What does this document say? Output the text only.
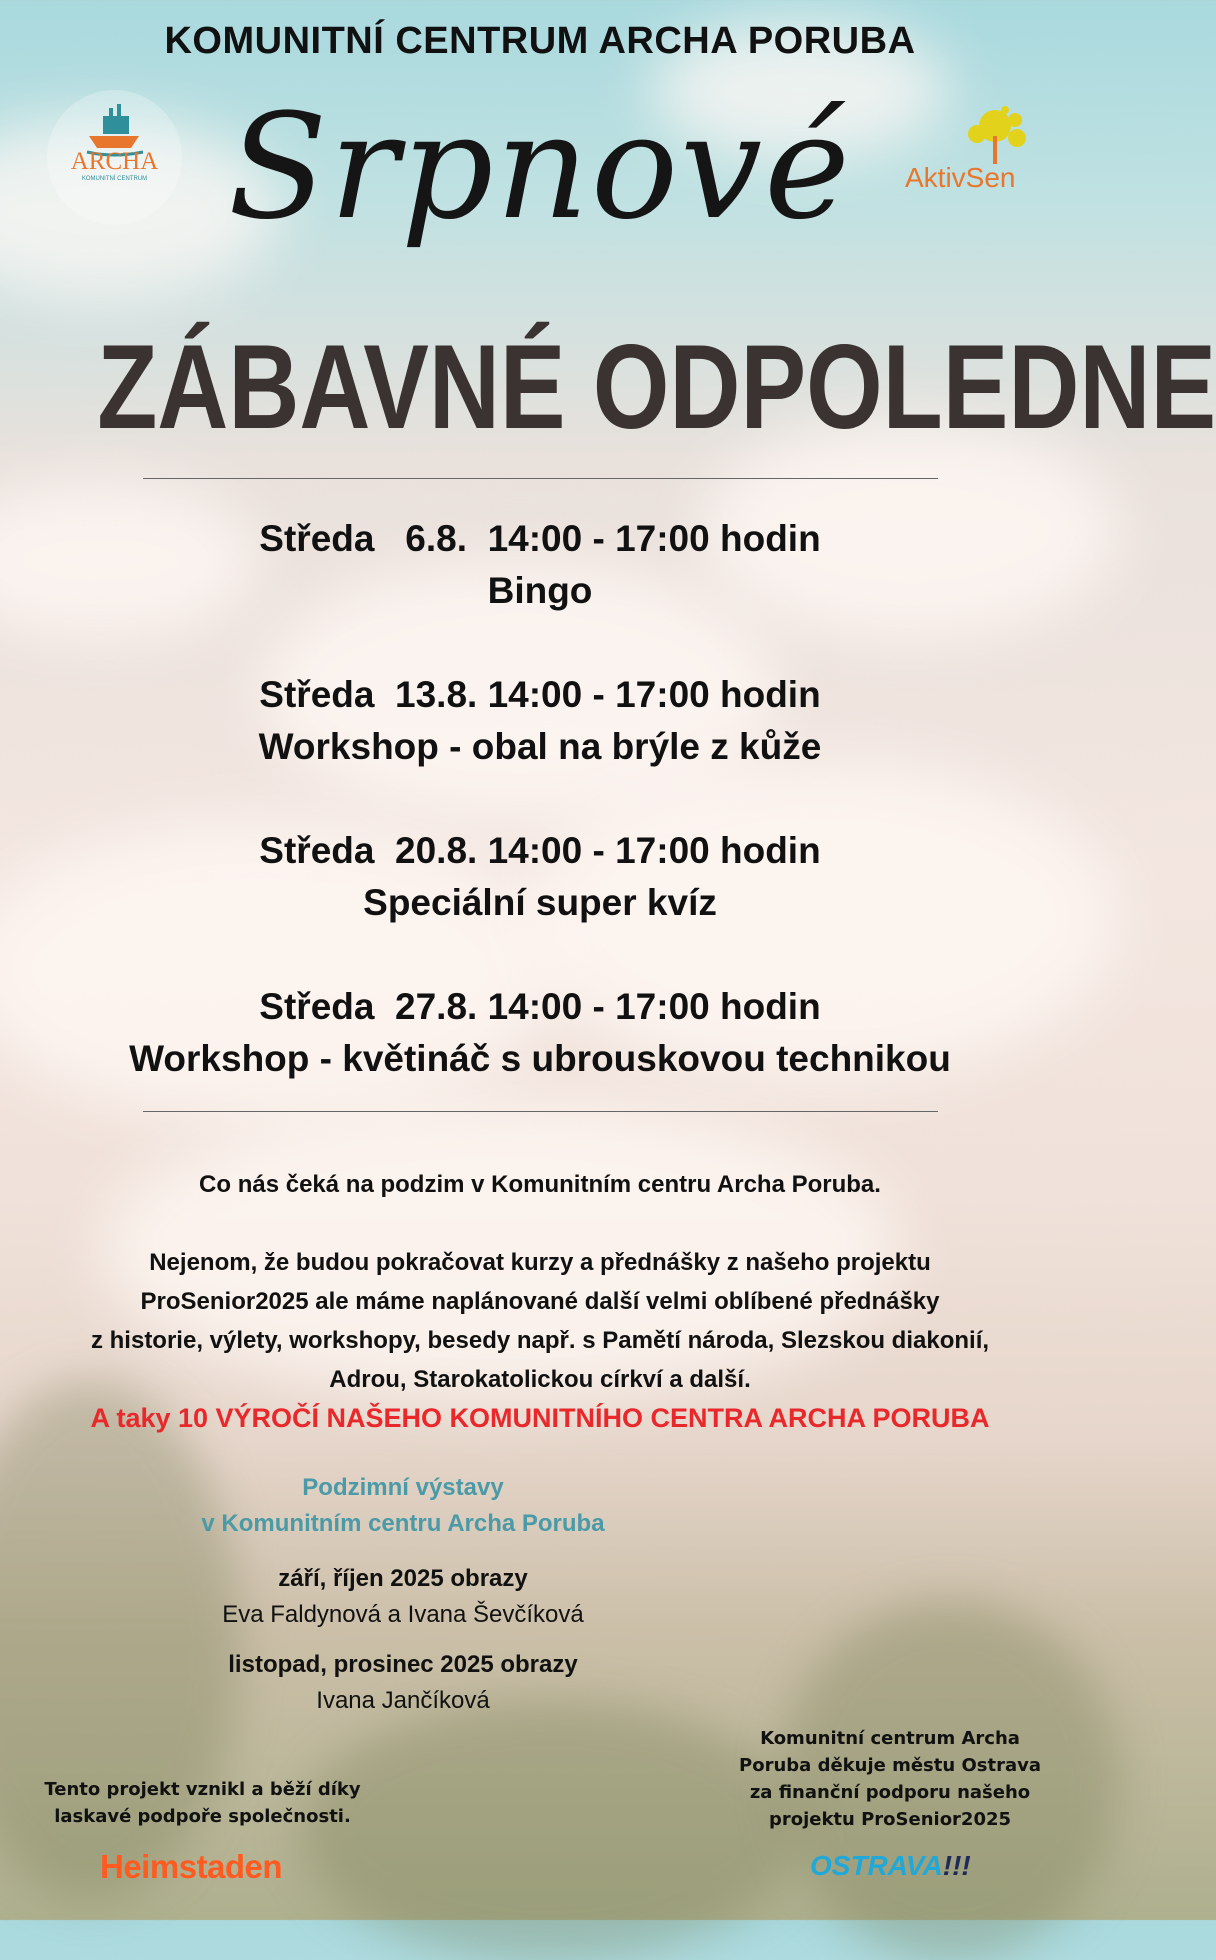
KOMUNITNÍ CENTRUM ARCHA PORUBA
ARCHA
KOMUNITNÍ CENTRUM	AktivSen
Srpnové
ZÁBAVNÉ ODPOLEDNE
Středa   6.8.  14:00 - 17:00 hodin
Bingo
Středa  13.8. 14:00 - 17:00 hodin
Workshop - obal na brýle z kůže
Středa  20.8. 14:00 - 17:00 hodin
Speciální super kvíz
Středa  27.8. 14:00 - 17:00 hodin
Workshop - květináč s ubrouskovou technikou
Co nás čeká na podzim v Komunitním centru Archa Poruba.
Nejenom, že budou pokračovat kurzy a přednášky z našeho projektu
ProSenior2025 ale máme naplánované další velmi oblíbené přednášky
z historie, výlety, workshopy, besedy např. s Pamětí národa, Slezskou diakonií,
Adrou, Starokatolickou církví a další.
A taky 10 VÝROČÍ NAŠEHO KOMUNITNÍHO CENTRA ARCHA PORUBA
Podzimní výstavy
v Komunitním centru Archa Poruba
září, říjen 2025 obrazy
Eva Faldynová a Ivana Ševčíková
listopad, prosinec 2025 obrazy
Ivana Jančíková
Tento projekt vznikl a běží díky
laskavé podpoře společnosti.
Heimstaden
Komunitní centrum Archa
Poruba děkuje městu Ostrava
za finanční podporu našeho
projektu ProSenior2025
OSTRAVA!!!
